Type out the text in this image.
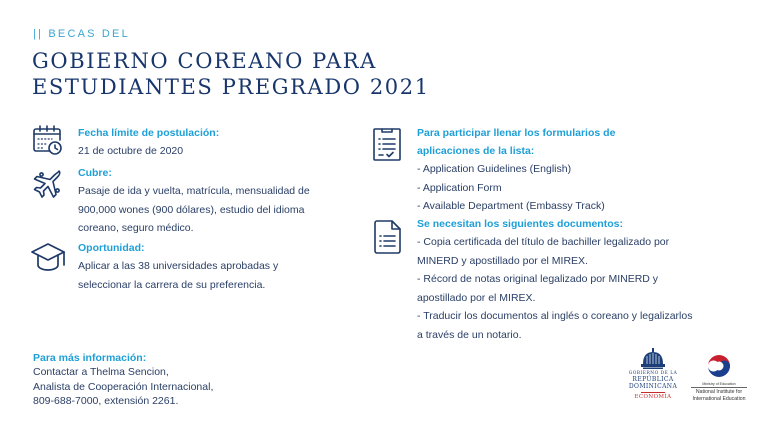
|| BECAS DEL
GOBIERNO COREANO PARA
ESTUDIANTES PREGRADO 2021
Fecha límite de postulación:
21 de octubre de 2020
Cubre:
Pasaje de ida y vuelta, matrícula, mensualidad de
900,000 wones (900 dólares), estudio del idioma
coreano, seguro médico.
Oportunidad:
Aplicar a las 38 universidades aprobadas y
seleccionar la carrera de su preferencia.
Para participar llenar los formularios de
aplicaciones de la lista:
- Application Guidelines (English)
- Application Form
- Available Department (Embassy Track)
Se necesitan los siguientes documentos:
- Copia certificada del título de bachiller legalizado por
MINERD y apostillado por el MIREX.
- Récord de notas original legalizado por MINERD y
apostillado por el MIREX.
- Traducir los documentos al inglés o coreano y legalizarlos
a través de un notario.
Para más información:
Contactar a Thelma Sencion,
Analista de Cooperación Internacional,
809-688-7000, extensión 2261.
GOBIERNO DE LA
REPÚBLICA
DOMINICANA
ECONOMÍA
Ministry of Education
National Institute for
International Education
